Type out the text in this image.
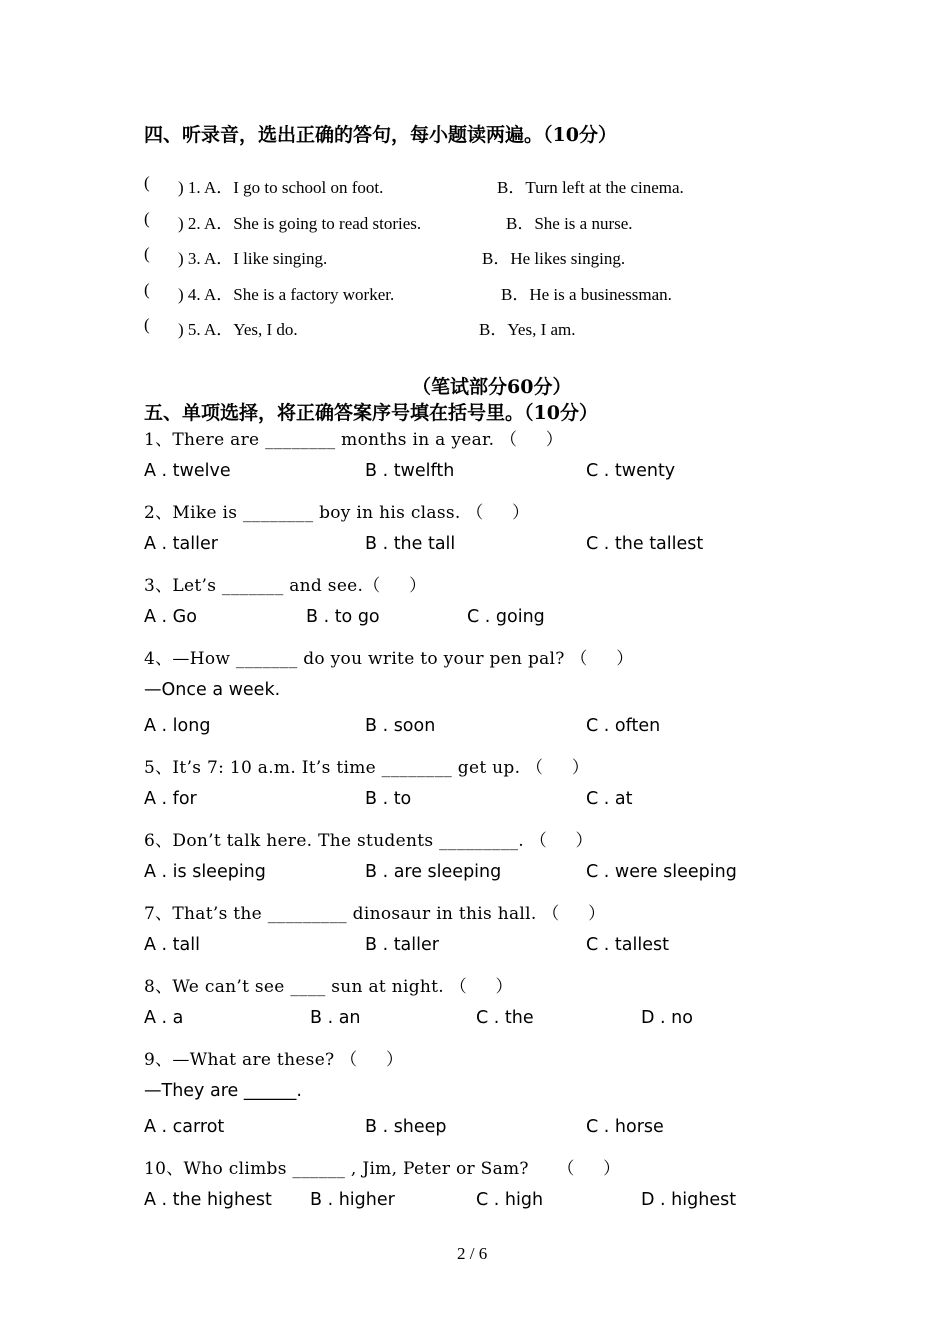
四、听录音，选出正确的答句，每小题读两遍。（10分）
( ) 1. A．I go to school on foot.	B．Turn left at the cinema.
( ) 2. A．She is going to read stories.	B．She is a nurse.
( ) 3. A．I like singing.	B．He likes singing.
( ) 4. A．She is a factory worker.	B．He is a businessman.
( ) 5. A．Yes, I do.	B．Yes, I am.
（笔试部分60分）
五、单项选择，将正确答案序号填在括号里。（10分）
1、There are ________ months in a year. （     ）
A . twelve	B . twelfth	C . twenty
2、Mike is ________ boy in his class. （     ）
A . taller	B . the tall	C . the tallest
3、Let’s _______ and see.（     ）
A . Go	B . to go	C . going
4、—How _______ do you write to your pen pal? （     ）
—Once a week.
A . long	B . soon	C . often
5、It’s 7: 10 a.m. It’s time ________ get up. （     ）
A . for	B . to	C . at
6、Don’t talk here. The students _________. （     ）
A . is sleeping	B . are sleeping	C . were sleeping
7、That’s the _________ dinosaur in this hall. （     ）
A . tall	B . taller	C . tallest
8、We can’t see ____ sun at night. （     ）
A . a	B . an	C . the	D . no
9、—What are these? （     ）
—They are ______.
A . carrot	B . sheep	C . horse
10、Who climbs ______ , Jim, Peter or Sam?     （     ）
A . the highest B . higher	C . high	D . highest
2 / 6
